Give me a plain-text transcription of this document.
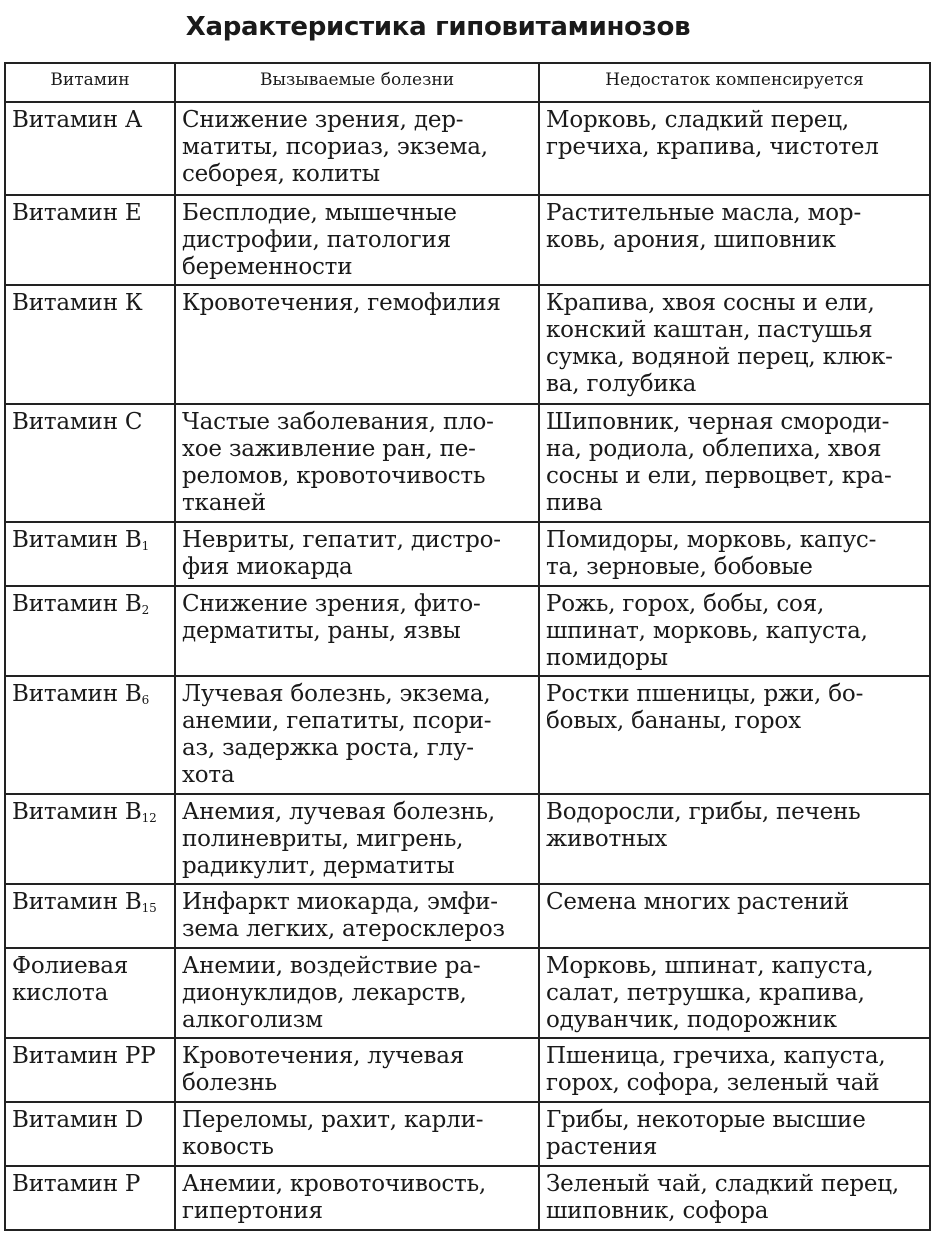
Характеристика гиповитаминозов
Витамин	Вызываемые болезни	Недостаток компенсируется
Витамин А	Снижение зрения, дер-
матиты, псориаз, экзема,
себорея, колиты	Морковь, сладкий перец,
гречиха, крапива, чистотел
Витамин Е	Бесплодие, мышечные
дистрофии, патология
беременности	Растительные масла, мор-
ковь, арония, шиповник
Витамин К	Кровотечения, гемофилия	Крапива, хвоя сосны и ели,
конский каштан, пастушья
сумка, водяной перец, клюк-
ва, голубика
Витамин С	Частые заболевания, пло-
хое заживление ран, пе-
реломов, кровоточивость
тканей	Шиповник, черная смороди-
на, родиола, облепиха, хвоя
сосны и ели, первоцвет, кра-
пива
Витамин $В_1$	Невриты, гепатит, дистро-
фия миокарда	Помидоры, морковь, капус-
та, зерновые, бобовые
Витамин $В_2$	Снижение зрения, фито-
дерматиты, раны, язвы	Рожь, горох, бобы, соя,
шпинат, морковь, капуста,
помидоры
Витамин $В_6$	Лучевая болезнь, экзема,
анемии, гепатиты, псори-
аз, задержка роста, глу-
хота	Ростки пшеницы, ржи, бо-
бовых, бананы, горох
Витамин $В_{12}$	Анемия, лучевая болезнь,
полиневриты, мигрень,
радикулит, дерматиты	Водоросли, грибы, печень
животных
Витамин $В_{15}$	Инфаркт миокарда, эмфи-
зема легких, атеросклероз	Семена многих растений
Фолиевая
кислота	Анемии, воздействие ра-
дионуклидов, лекарств,
алкоголизм	Морковь, шпинат, капуста,
салат, петрушка, крапива,
одуванчик, подорожник
Витамин РР	Кровотечения, лучевая
болезнь	Пшеница, гречиха, капуста,
горох, софора, зеленый чай
Витамин D	Переломы, рахит, карли-
ковость	Грибы, некоторые высшие
растения
Витамин Р	Анемии, кровоточивость,
гипертония	Зеленый чай, сладкий перец,
шиповник, софора
